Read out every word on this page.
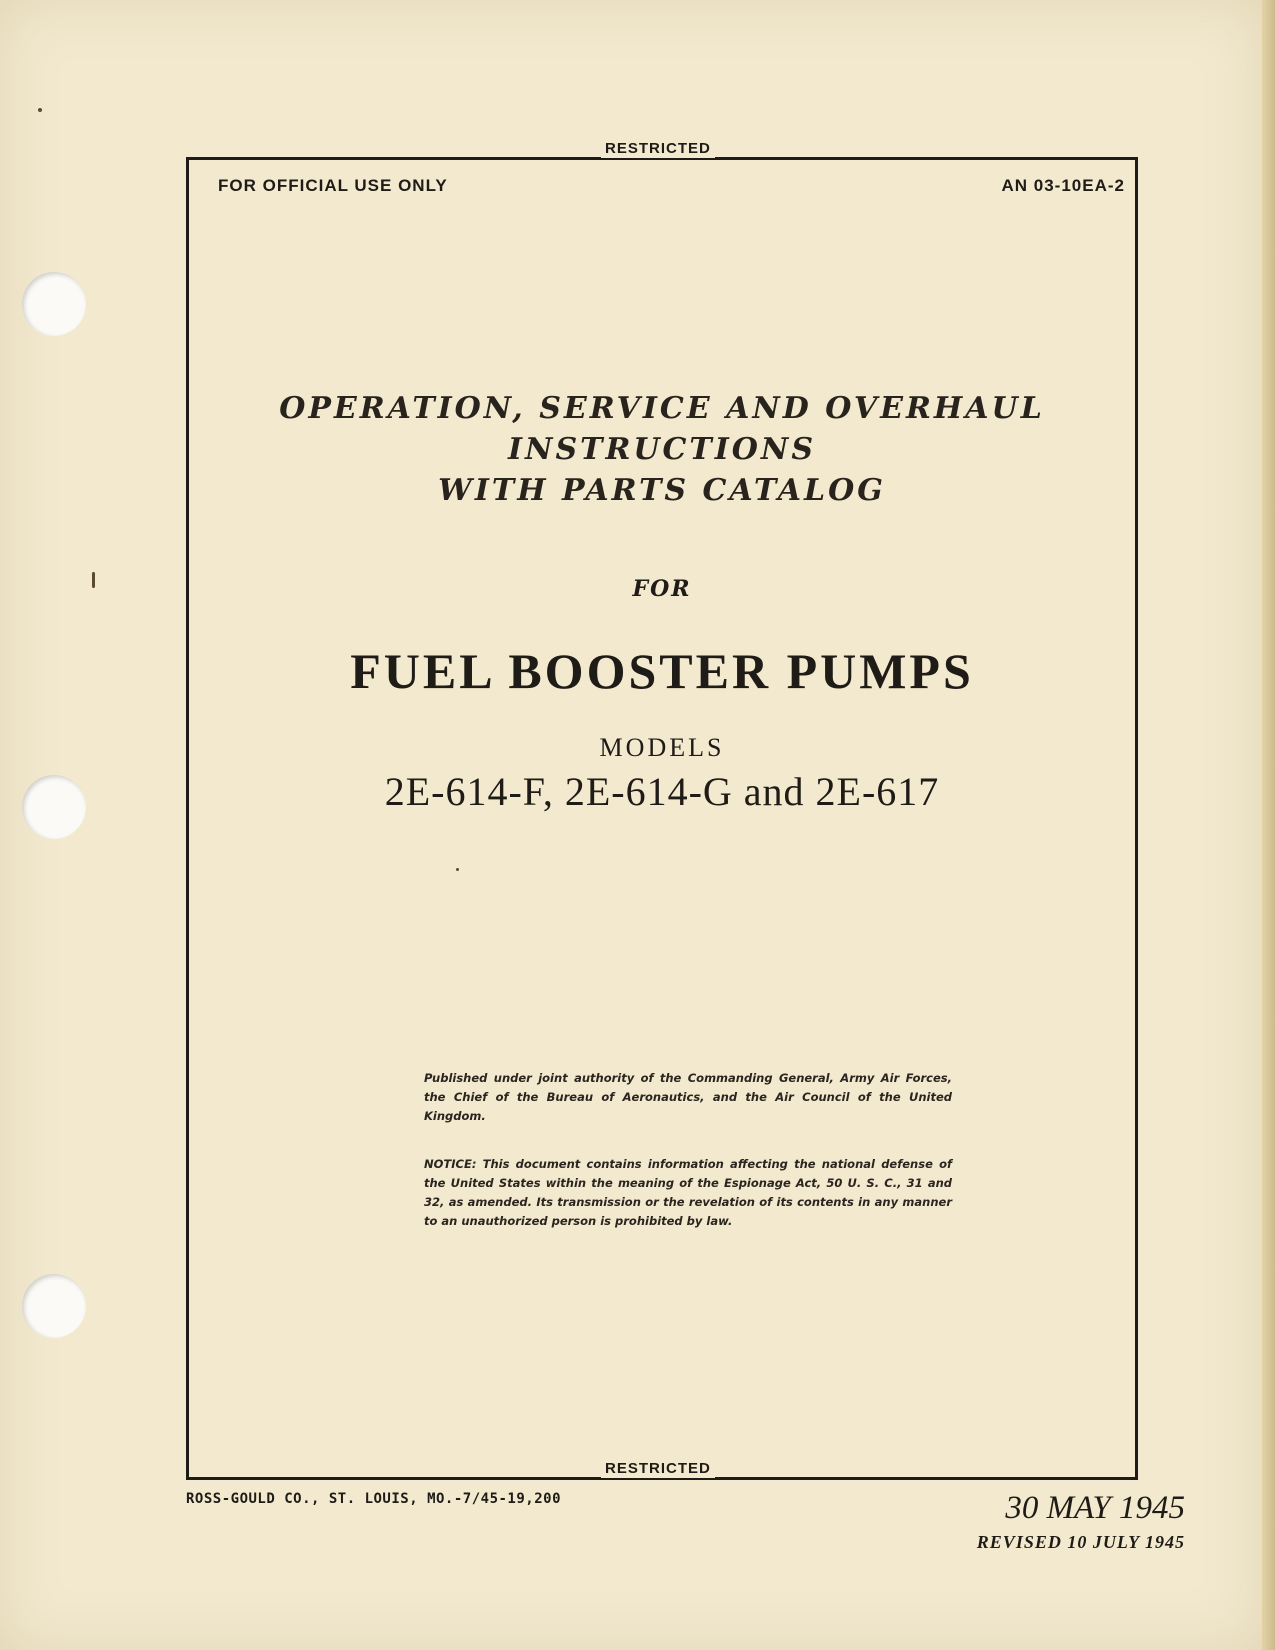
RESTRICTED
RESTRICTED
FOR OFFICIAL USE ONLY	AN 03-10EA-2
OPERATION, SERVICE AND OVERHAUL
INSTRUCTIONS
WITH PARTS CATALOG
FOR
FUEL BOOSTER PUMPS
MODELS
2E-614-F, 2E-614-G and 2E-617
Published under joint authority of the Commanding General, Army Air Forces, the Chief of the Bureau of Aeronautics, and the Air Council of the United Kingdom.
NOTICE: This document contains information affecting the national defense of the United States within the meaning of the Espionage Act, 50 U. S. C., 31 and 32, as amended. Its transmission or the revelation of its contents in any manner to an unauthorized person is prohibited by law.
ROSS-GOULD CO., ST. LOUIS, MO.-7/45-19,200	30 MAY 1945
REVISED 10 JULY 1945
